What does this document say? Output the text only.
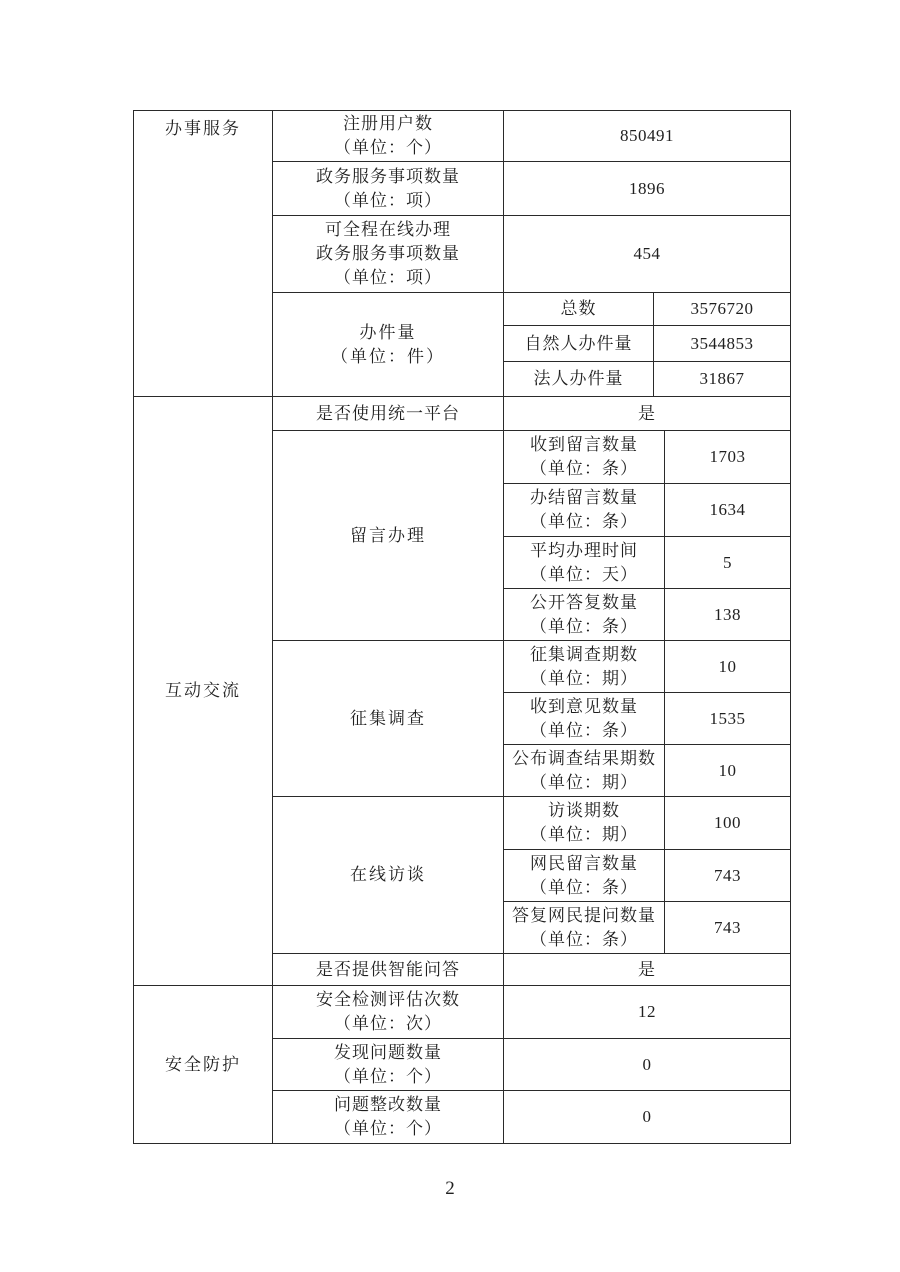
办事服务	注册用户数
（单位：个）	850491	

	政务服务事项数量
（单位：项）	1896	

	可全程在线办理
政务服务事项数量
（单位：项）	454	

	办件量
（单位：件）	总数	3576720
		自然人办件量	3544853
		法人办件量	31867
互动交流	是否使用统一平台	是	
	留言办理	收到留言数量
（单位：条）	1703

		办结留言数量
（单位：条）	1634

		平均办理时间
（单位：天）	5

		公开答复数量
（单位：条）	138
	征集调查	征集调查期数
（单位：期）	10

		收到意见数量
（单位：条）	1535

		公布调查结果期数
（单位：期）	10
	在线访谈	访谈期数
（单位：期）	100

		网民留言数量
（单位：条）	743

		答复网民提问数量
（单位：条）	743
	是否提供智能问答	是	
安全防护	安全检测评估次数
（单位：次）	12

	发现问题数量
（单位：个）	0

	问题整改数量
（单位：个）	0
2
